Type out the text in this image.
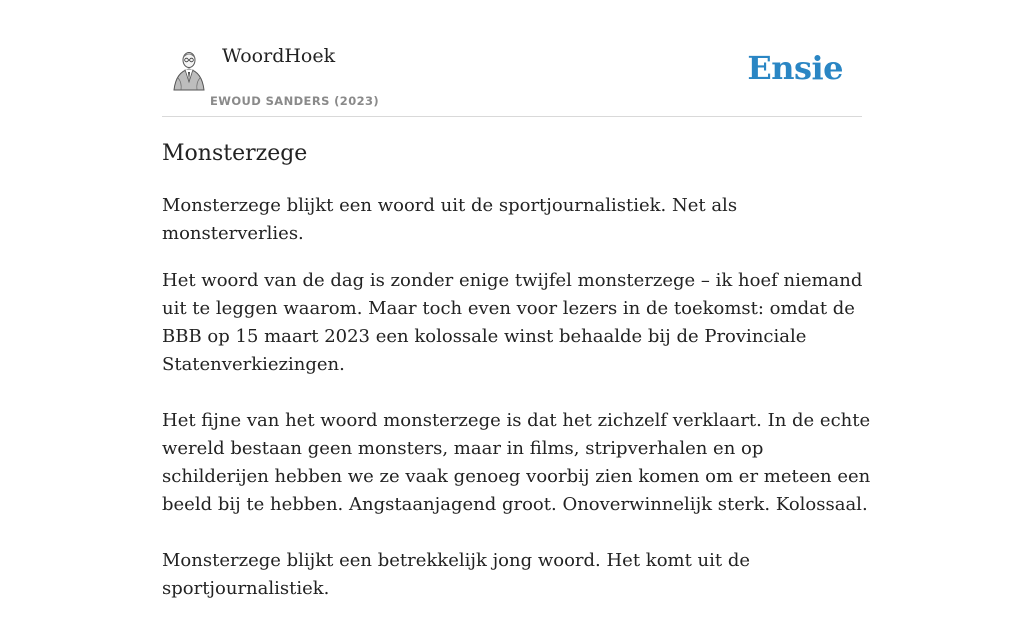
WoordHoek
EWOUD SANDERS (2023)
Ensie
Monsterzege

Monsterzege blijkt een woord uit de sportjournalistiek. Net als monsterverlies.

Het woord van de dag is zonder enige twijfel monsterzege – ik hoef niemand uit te leggen waarom. Maar toch even voor lezers in de toekomst: omdat de BBB op 15 maart 2023 een kolossale winst behaalde bij de Provinciale Statenverkiezingen.

Het fijne van het woord monsterzege is dat het zichzelf verklaart. In de echte wereld bestaan geen monsters, maar in films, stripverhalen en op schilderijen hebben we ze vaak genoeg voorbij zien komen om er meteen een beeld bij te hebben. Angstaanjagend groot. Onoverwinnelijk sterk. Kolossaal.

Monsterzege blijkt een betrekkelijk jong woord. Het komt uit de sportjournalistiek.
